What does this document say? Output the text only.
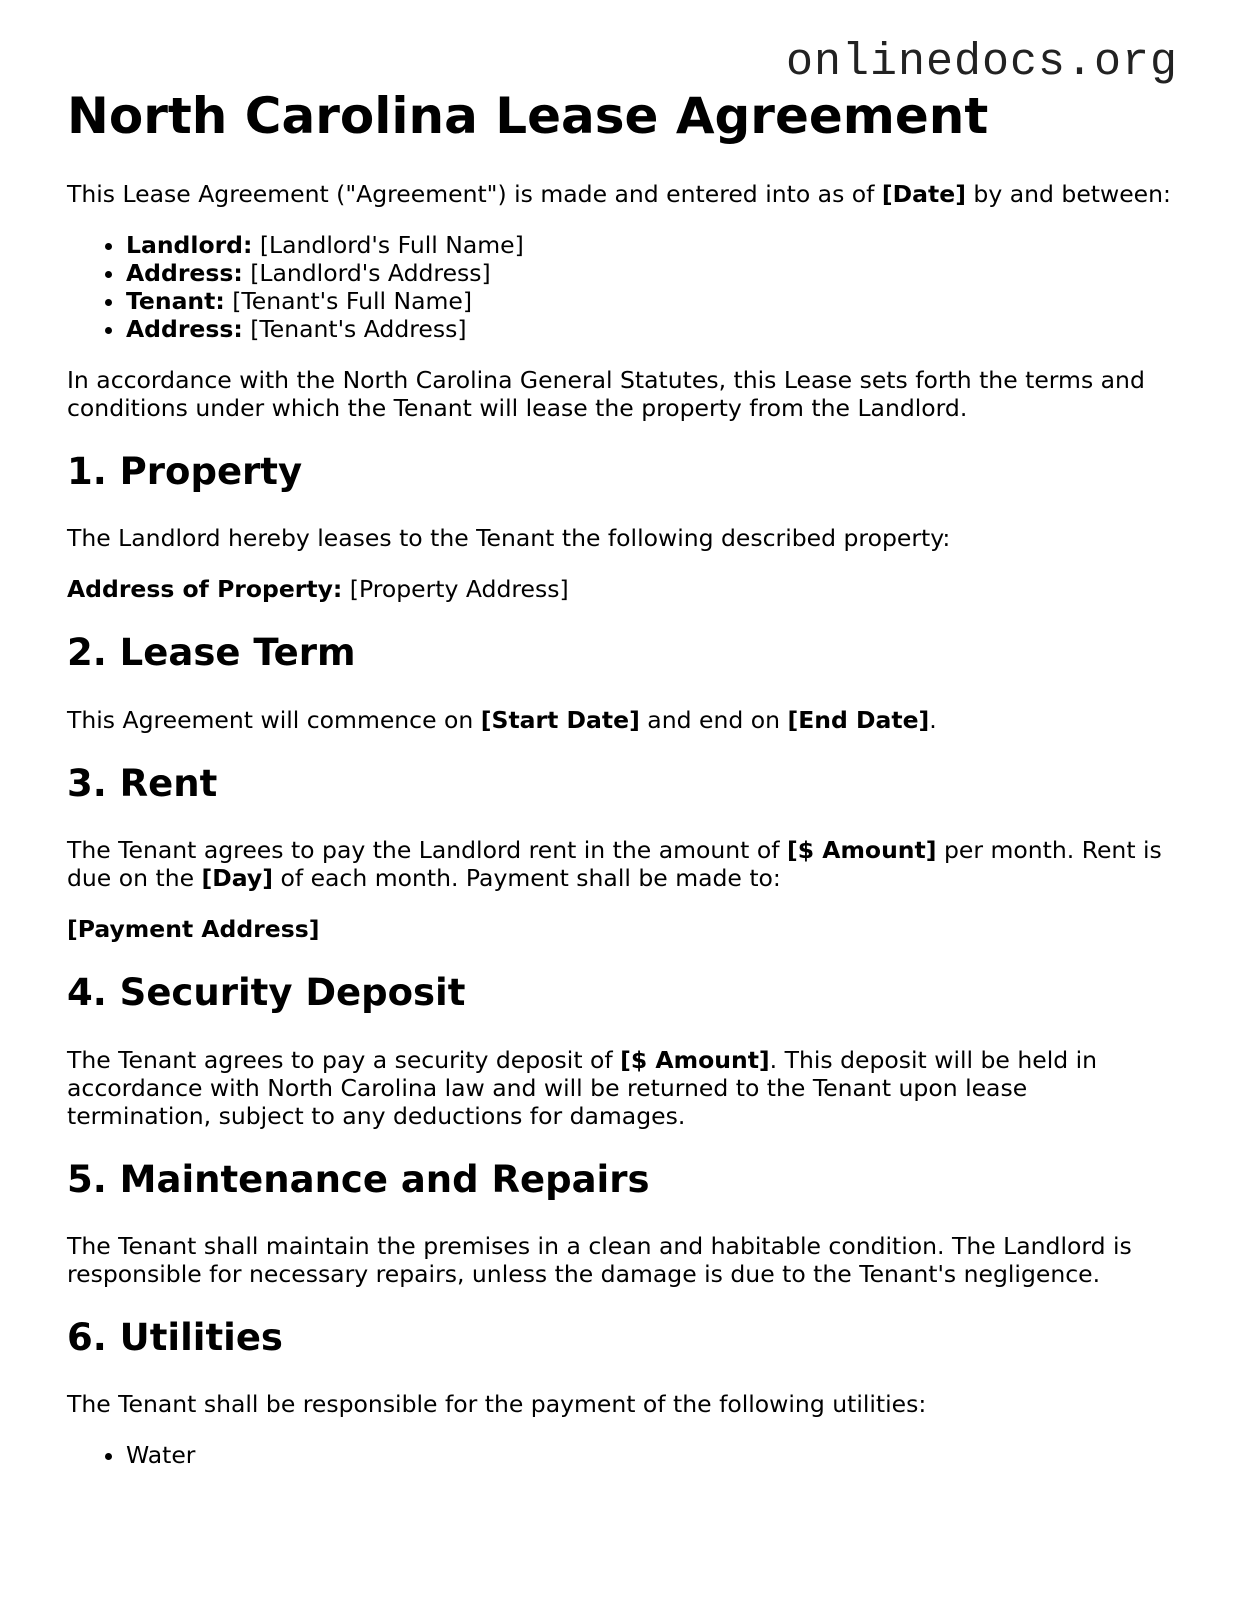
onlinedocs.org
North Carolina Lease Agreement

This Lease Agreement ("Agreement") is made and entered into as of [Date] by and between:

• Landlord: [Landlord's Full Name]
• Address: [Landlord's Address]
• Tenant: [Tenant's Full Name]
• Address: [Tenant's Address]

In accordance with the North Carolina General Statutes, this Lease sets forth the terms and conditions under which the Tenant will lease the property from the Landlord.

1. Property

The Landlord hereby leases to the Tenant the following described property:

Address of Property: [Property Address]

2. Lease Term

This Agreement will commence on [Start Date] and end on [End Date].

3. Rent

The Tenant agrees to pay the Landlord rent in the amount of [$ Amount] per month. Rent is due on the [Day] of each month. Payment shall be made to:

[Payment Address]

4. Security Deposit

The Tenant agrees to pay a security deposit of [$ Amount]. This deposit will be held in accordance with North Carolina law and will be returned to the Tenant upon lease termination, subject to any deductions for damages.

5. Maintenance and Repairs

The Tenant shall maintain the premises in a clean and habitable condition. The Landlord is responsible for necessary repairs, unless the damage is due to the Tenant's negligence.

6. Utilities

The Tenant shall be responsible for the payment of the following utilities:

• Water
